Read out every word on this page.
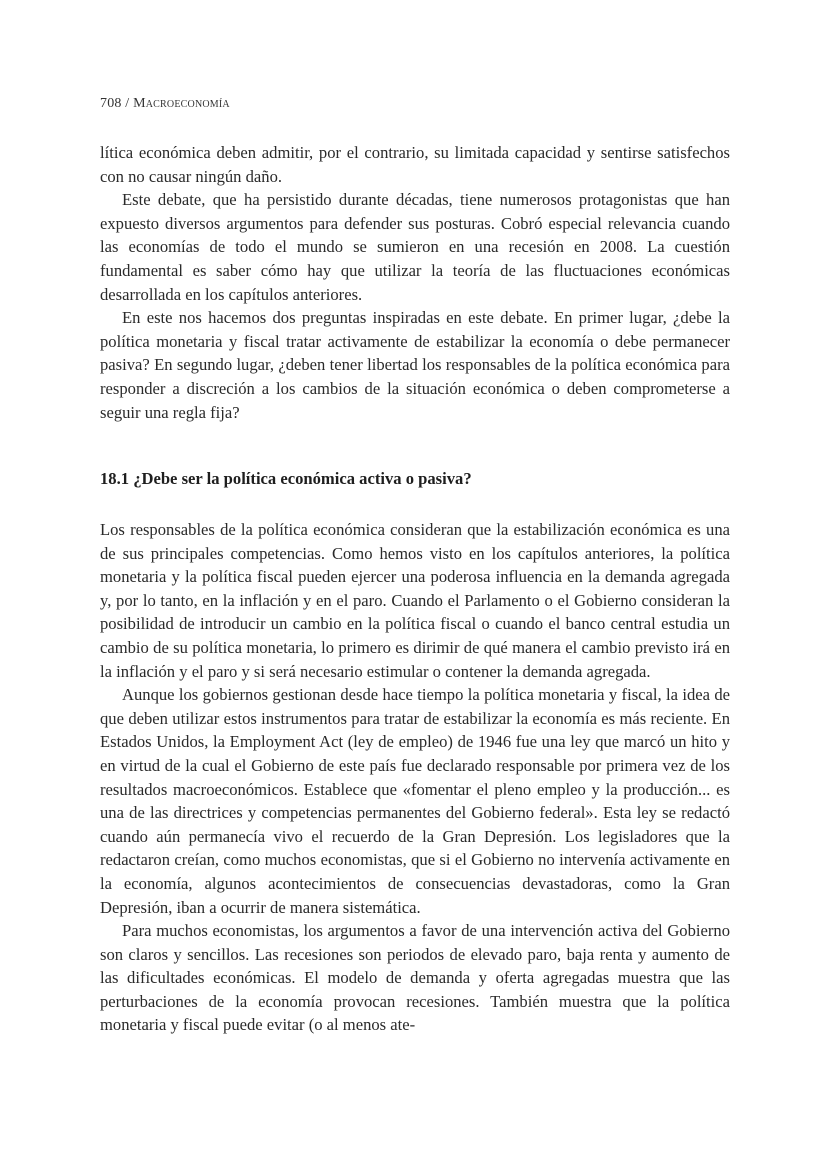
708 / Macroeconomía

lítica económica deben admitir, por el contrario, su limitada capacidad y sentirse satisfechos con no causar ningún daño.

Este debate, que ha persistido durante décadas, tiene numerosos protagonistas que han expuesto diversos argumentos para defender sus posturas. Cobró especial relevancia cuando las economías de todo el mundo se sumieron en una recesión en 2008. La cuestión fundamental es saber cómo hay que utilizar la teoría de las fluctuaciones económicas desarrollada en los capítulos anteriores.

En este nos hacemos dos preguntas inspiradas en este debate. En primer lugar, ¿debe la política monetaria y fiscal tratar activamente de estabilizar la economía o debe permanecer pasiva? En segundo lugar, ¿deben tener libertad los responsables de la política económica para responder a discreción a los cambios de la situación económica o deben comprometerse a seguir una regla fija?

18.1 ¿Debe ser la política económica activa o pasiva?

Los responsables de la política económica consideran que la estabilización económica es una de sus principales competencias. Como hemos visto en los capítulos anteriores, la política monetaria y la política fiscal pueden ejercer una poderosa influencia en la demanda agregada y, por lo tanto, en la inflación y en el paro. Cuando el Parlamento o el Gobierno consideran la posibilidad de introducir un cambio en la política fiscal o cuando el banco central estudia un cambio de su política monetaria, lo primero es dirimir de qué manera el cambio previsto irá en la inflación y el paro y si será necesario estimular o contener la demanda agregada.

Aunque los gobiernos gestionan desde hace tiempo la política monetaria y fiscal, la idea de que deben utilizar estos instrumentos para tratar de estabilizar la economía es más reciente. En Estados Unidos, la Employment Act (ley de empleo) de 1946 fue una ley que marcó un hito y en virtud de la cual el Gobierno de este país fue declarado responsable por primera vez de los resultados macroeconómicos. Establece que «fomentar el pleno empleo y la producción... es una de las directrices y competencias permanentes del Gobierno federal». Esta ley se redactó cuando aún permanecía vivo el recuerdo de la Gran Depresión. Los legisladores que la redactaron creían, como muchos economistas, que si el Gobierno no intervenía activamente en la economía, algunos acontecimientos de consecuencias devastadoras, como la Gran Depresión, iban a ocurrir de manera sistemática.

Para muchos economistas, los argumentos a favor de una intervención activa del Gobierno son claros y sencillos. Las recesiones son periodos de elevado paro, baja renta y aumento de las dificultades económicas. El modelo de demanda y oferta agregadas muestra que las perturbaciones de la economía provocan recesiones. También muestra que la política monetaria y fiscal puede evitar (o al menos ate-
